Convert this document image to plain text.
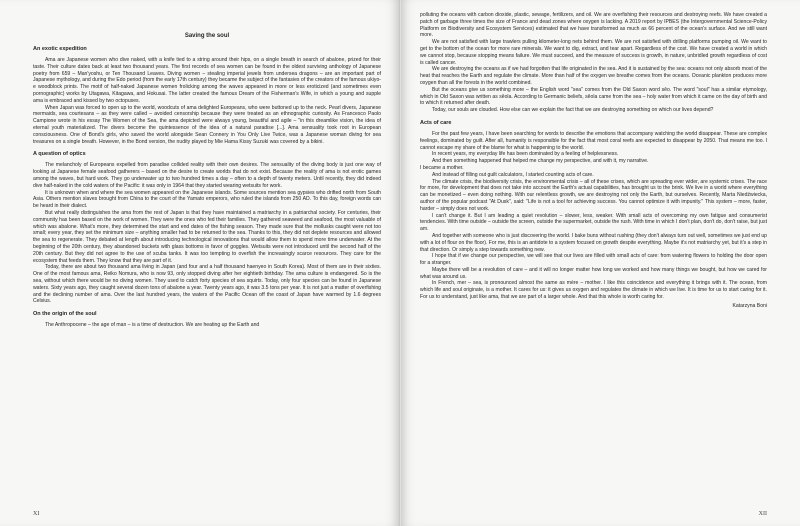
Saving the soul
An exotic expedition

Ama are Japanese women who dive naked, with a knife tied to a string around their hips, on a single breath in search of abalone, prized for their taste. Their culture dates back at least two thousand years. The first records of sea women can be found in the oldest surviving anthology of Japanese poetry from 659 – Man'yoshu, or Ten Thousand Leaves. Diving women – stealing imperial jewels from undersea dragons – are an important part of Japanese mythology, and during the Edo period (from the early 17th century) they became the subject of the fantasies of the creators of the famous ukiyo-e woodblock prints. The motif of half-naked Japanese women frolicking among the waves appeared in more or less eroticized (and sometimes even pornographic) works by Utagawa, Kitagawa, and Hokusai. The latter created the famous Dream of the Fisherman's Wife, in which a young and supple ama is embraced and kissed by two octopuses.

When Japan was forced to open up to the world, woodcuts of ama delighted Europeans, who were buttoned up to the neck. Pearl divers, Japanese mermaids, sea courtesans – as they were called – avoided censorship because they were treated as an ethnographic curiosity. As Francesco Paolo Campione wrote in his essay The Women of the Sea, the ama depicted were always young, beautiful and agile – "in this dreamlike vision, the idea of eternal youth materialized. The divers become the quintessence of the idea of a natural paradise [...]. Ama sensuality took root in European consciousness. One of Bond's girls, who saved the world alongside Sean Connery in You Only Live Twice, was a Japanese woman diving for sea treasures on a single breath. However, in the Bond version, the nudity played by Mie Hama Kissy Suzuki was covered by a bikini.

A question of optics

The melancholy of Europeans expelled from paradise collided reality with their own desires. The sensuality of the diving body is just one way of looking at Japanese female seafood gatherers – based on the desire to create worlds that do not exist. Because the reality of ama is not erotic games among the waves, but hard work. They go underwater up to two hundred times a day – often to a depth of twenty meters. Until recently, they did indeed dive half-naked in the cold waters of the Pacific: it was only in 1964 that they started wearing wetsuits for work.

It is unknown when and where the sea women appeared on the Japanese islands. Some sources mention sea gypsies who drifted north from South Asia. Others mention slaves brought from China to the court of the Yamato emperors, who ruled the islands from 250 AD. To this day, foreign words can be heard in their dialect.

But what really distinguishes the ama from the rest of Japan is that they have maintained a matriarchy in a patriarchal society. For centuries, their community has been based on the work of women. They were the ones who fed their families. They gathered seaweed and seafood, the most valuable of which was abalone. What's more, they determined the start and end dates of the fishing season. They made sure that the mollusks caught were not too small; every year, they set the minimum size – anything smaller had to be returned to the sea. Thanks to this, they did not deplete resources and allowed the sea to regenerate. They debated at length about introducing technological innovations that would allow them to spend more time underwater. At the beginning of the 20th century, they abandoned buckets with glass bottoms in favor of goggles. Wetsuits were not introduced until the second half of the 20th century. But they did not agree to the use of scuba tanks. It was too tempting to overfish the increasingly scarce resources. They care for the ecosystem that feeds them. They know that they are part of it.

Today, there are about two thousand ama living in Japan (and four and a half thousand haenyeo in South Korea). Most of them are in their sixties. One of the most famous ama, Reiko Nomura, who is now 93, only stopped diving after her eightieth birthday. The ama culture is endangered. So is the sea, without which there would be no diving women. They used to catch forty species of sea squirts. Today, only four species can be found in Japanese waters. Sixty years ago, they caught several dozen tons of abalone a year. Twenty years ago, it was 3.5 tons per year. It is not just a matter of overfishing and the declining number of ama. Over the last hundred years, the waters of the Pacific Ocean off the coast of Japan have warmed by 1.6 degrees Celsius.

On the origin of the soul

The Anthropocene – the age of man – is a time of destruction. We are heating up the Earth and

XI

polluting the oceans with carbon dioxide, plastic, sewage, fertilizers, and oil. We are overfishing their resources and destroying reefs. We have created a patch of garbage three times the size of France and dead zones where oxygen is lacking. A 2019 report by IPBES (the Intergovernmental Science-Policy Platform on Biodiversity and Ecosystem Services) estimated that we have transformed as much as 66 percent of the ocean's surface. And we still want more.

We are not satisfied with large trawlers pulling kilometer-long nets behind them. We are not satisfied with drilling platforms pumping oil. We want to get to the bottom of the ocean for more rare minerals. We want to dig, extract, and tear apart. Regardless of the cost. We have created a world in which we cannot stop, because stopping means failure. We must succeed, and the measure of success is growth, in nature, unbridled growth regardless of cost is called cancer.

We are destroying the oceans as if we had forgotten that life originated in the sea. And it is sustained by the sea: oceans not only absorb most of the heat that reaches the Earth and regulate the climate. More than half of the oxygen we breathe comes from the oceans. Oceanic plankton produces more oxygen than all the forests in the world combined.

But the oceans give us something more – the English word "sea" comes from the Old Saxon word sêo. The word "soul" has a similar etymology, which in Old Saxon was written as sêola. According to Germanic beliefs, sêola came from the sea – holy water from which it came on the day of birth and to which it returned after death.

Today, our souls are clouded. How else can we explain the fact that we are destroying something on which our lives depend?

Acts of care

For the past few years, I have been searching for words to describe the emotions that accompany watching the world disappear. These are complex feelings, dominated by guilt. After all, humanity is responsible for the fact that most coral reefs are expected to disappear by 2050. That means me too. I cannot escape my share of the blame for what is happening to the world.

In recent years, my everyday life has been dominated by a feeling of helplessness.

And then something happened that helped me change my perspective, and with it, my narrative.

I became a mother.

And instead of filling out guilt calculators, I started counting acts of care.

The climate crisis, the biodiversity crisis, the environmental crisis – all of these crises, which are spreading ever wider, are systemic crises. The race for more, for development that does not take into account the Earth's actual capabilities, has brought us to the brink. We live in a world where everything can be monetized – even doing nothing. With our relentless growth, we are destroying not only the Earth, but ourselves. Recently, Marta Niedźwiecka, author of the popular podcast "At Dusk", said: "Life is not a tool for achieving success. You cannot optimize it with impunity." This system – more, faster, harder – simply does not work.

I can't change it. But I am leading a quiet revolution – slower, less, weaker. With small acts of overcoming my own fatigue and consumerist tendencies. With time outside – outside the screen, outside the supermarket, outside the rush. With time in which I don't plan, don't do, don't raise, but just am.

And together with someone who is just discovering the world. I bake buns without rushing (they don't always turn out well, sometimes we just end up with a lot of flour on the floor). For me, this is an antidote to a system focused on growth despite everything. Maybe it's not matriarchy yet, but it's a step in that direction. Or simply a step towards something new.

I hope that if we change our perspective, we will see that our lives are filled with small acts of care: from watering flowers to holding the door open for a stranger.

Maybe there will be a revolution of care – and it will no longer matter how long we worked and how many things we bought, but how we cared for what was around us.

In French, mer – sea, is pronounced almost the same as mère – mother. I like this coincidence and everything it brings with it. The ocean, from which life and soul originate, is a mother. It cares for us: it gives us oxygen and regulates the climate in which we live. It is time for us to start caring for it. For us to understand, just like ama, that we are part of a larger whole. And that this whole is worth caring for.

Katarzyna Boni

XII
